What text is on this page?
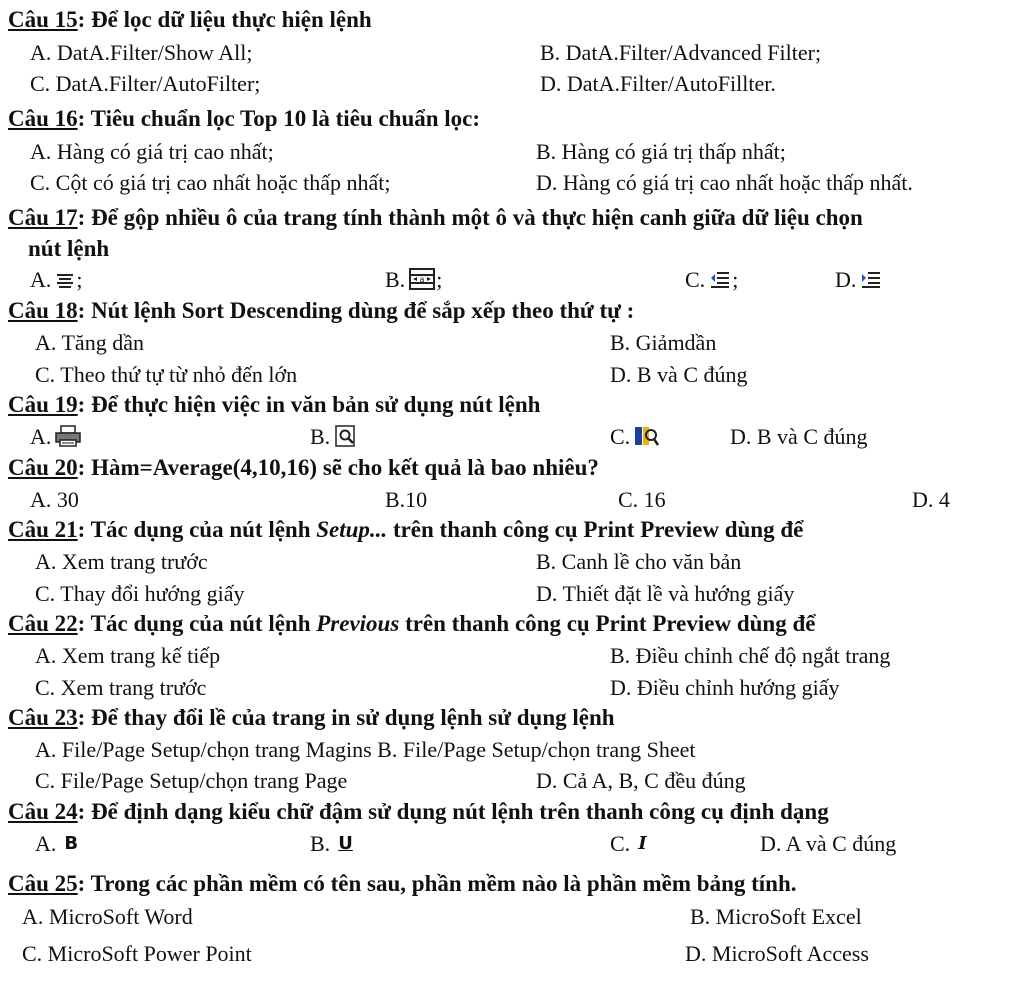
Câu 15: Để lọc dữ liệu thực hiện lệnh
A. DatA.Filter/Show All;	B. DatA.Filter/Advanced Filter;
C. DatA.Filter/AutoFilter;	D. DatA.Filter/AutoFillter.
Câu 16: Tiêu chuẩn lọc Top 10 là tiêu chuẩn lọc:
A. Hàng có giá trị cao nhất;	B. Hàng có giá trị thấp nhất;
C. Cột có giá trị cao nhất hoặc thấp nhất;	D. Hàng có giá trị cao nhất hoặc thấp nhất.
Câu 17: Để gộp nhiều ô của trang tính thành một ô và thực hiện canh giữa dữ liệu chọn
nút lệnh
A. ;	B. a ;	C. ;	D.
Câu 18: Nút lệnh Sort Descending dùng để sắp xếp theo thứ tự :
A. Tăng dần	B. Giảmdần
C. Theo thứ tự từ nhỏ đến lớn	D. B và C đúng
Câu 19: Để thực hiện việc in văn bản sử dụng nút lệnh
A.	B.	C.	D. B và C đúng
Câu 20: Hàm=Average(4,10,16) sẽ cho kết quả là bao nhiêu?
A. 30	B.10	C. 16	D. 4
Câu 21: Tác dụng của nút lệnh Setup... trên thanh công cụ Print Preview dùng để
A. Xem trang trước	B. Canh lề cho văn bản
C. Thay đổi hướng giấy	D. Thiết đặt lề và hướng giấy
Câu 22: Tác dụng của nút lệnh Previous trên thanh công cụ Print Preview dùng để
A. Xem trang kế tiếp	B. Điều chỉnh chế độ ngắt trang
C. Xem trang trước	D. Điều chỉnh hướng giấy
Câu 23: Để thay đổi lề của trang in sử dụng lệnh sử dụng lệnh
A. File/Page Setup/chọn trang Magins B. File/Page Setup/chọn trang Sheet
C. File/Page Setup/chọn trang Page	D. Cả A, B, C đều đúng
Câu 24: Để định dạng kiểu chữ đậm sử dụng nút lệnh trên thanh công cụ định dạng
A. B	B. U	C. I	D. A và C đúng
Câu 25: Trong các phần mềm có tên sau, phần mềm nào là phần mềm bảng tính.
A. MicroSoft Word	B. MicroSoft Excel
C. MicroSoft Power Point	D. MicroSoft Access
